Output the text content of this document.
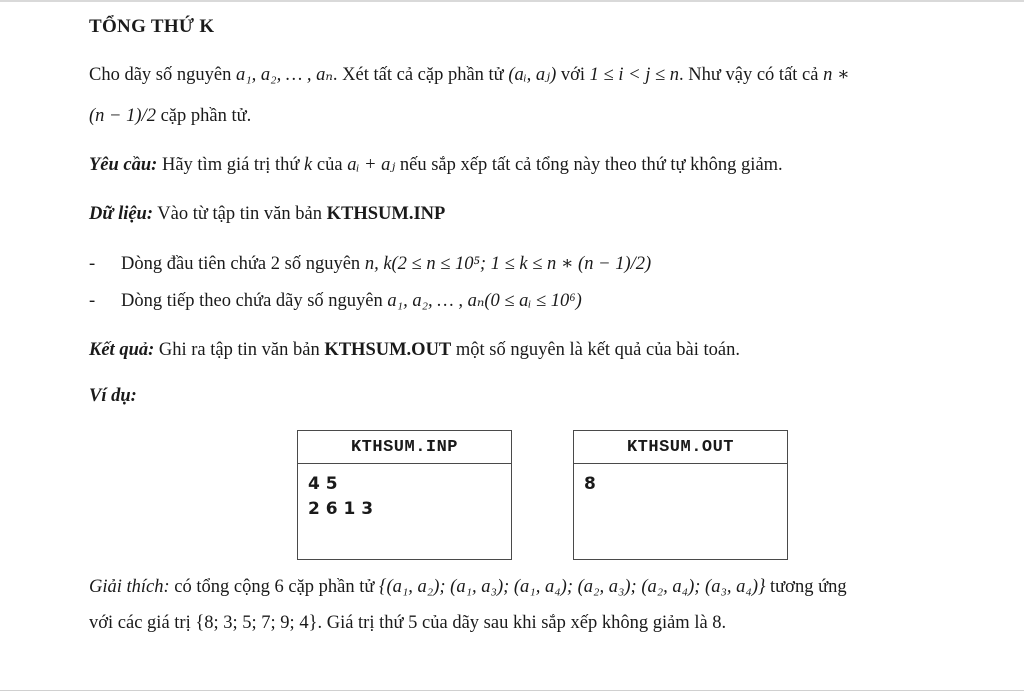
TỔNG THỨ K
Cho dãy số nguyên a₁, a₂, … , aₙ. Xét tất cả cặp phần tử (aᵢ, aⱼ) với 1 ≤ i < j ≤ n. Như vậy có tất cả n ∗
(n − 1)/2 cặp phần tử.
Yêu cầu: Hãy tìm giá trị thứ k của aᵢ + aⱼ nếu sắp xếp tất cả tổng này theo thứ tự không giảm.
Dữ liệu: Vào từ tập tin văn bản KTHSUM.INP
- Dòng đầu tiên chứa 2 số nguyên n, k(2 ≤ n ≤ 10⁵; 1 ≤ k ≤ n ∗ (n − 1)/2)
- Dòng tiếp theo chứa dãy số nguyên a₁, a₂, … , aₙ(0 ≤ aᵢ ≤ 10⁶)
Kết quả: Ghi ra tập tin văn bản KTHSUM.OUT một số nguyên là kết quả của bài toán.
Ví dụ:
KTHSUM.INP
4 5
2 6 1 3
KTHSUM.OUT
8
Giải thích: có tổng cộng 6 cặp phần tử {(a₁, a₂); (a₁, a₃); (a₁, a₄); (a₂, a₃); (a₂, a₄); (a₃, a₄)} tương ứng
với các giá trị {8; 3; 5; 7; 9; 4}. Giá trị thứ 5 của dãy sau khi sắp xếp không giảm là 8.
